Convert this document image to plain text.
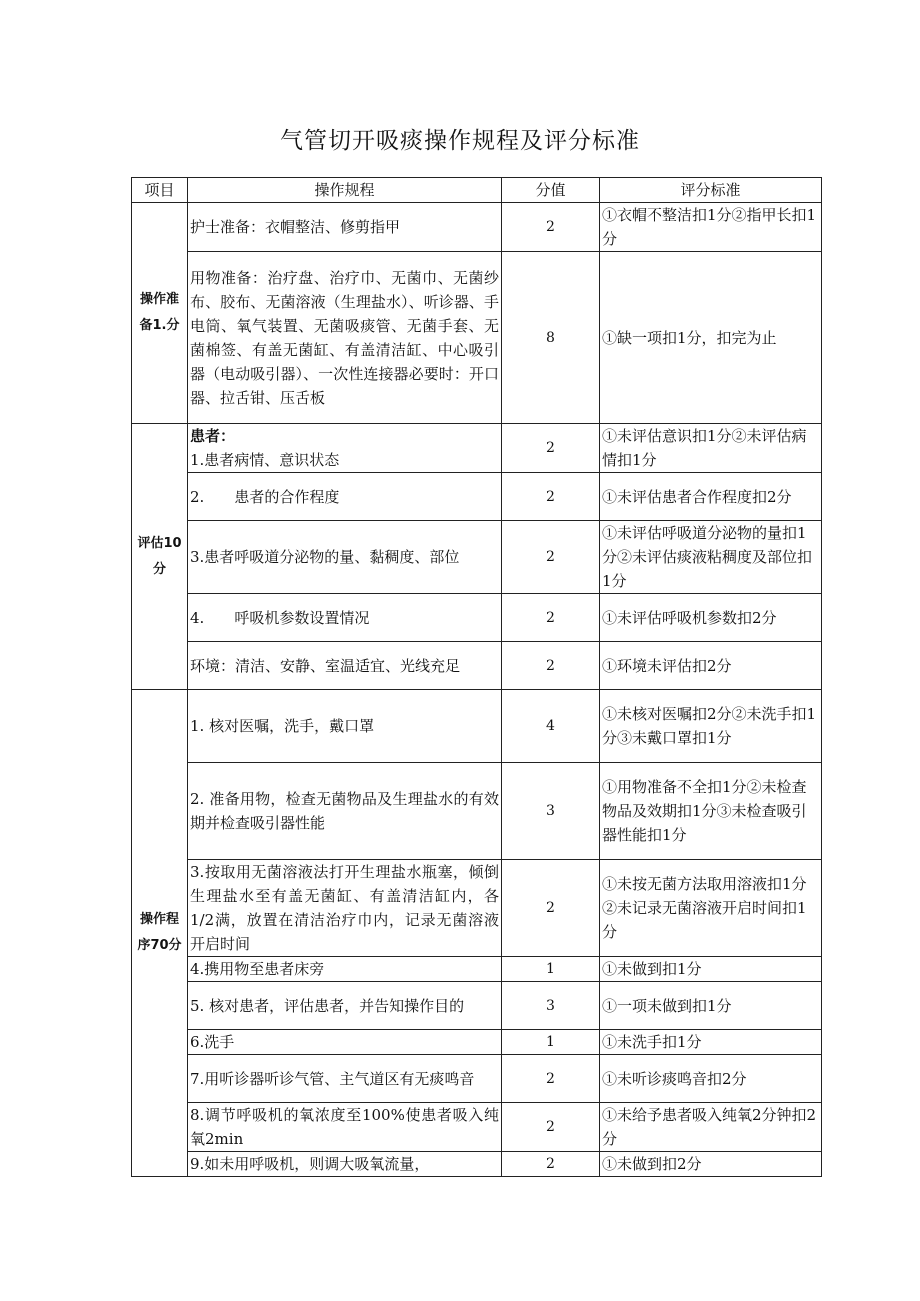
气管切开吸痰操作规程及评分标准
项目	操作规程	分值	评分标准
操作准备1.分	护士准备：衣帽整洁、修剪指甲	2	①衣帽不整洁扣1分②指甲长扣1分
	用物准备：治疗盘、治疗巾、无菌巾、无菌纱布、胶布、无菌溶液（生理盐水）、听诊器、手电筒、氧气装置、无菌吸痰管、无菌手套、无菌棉签、有盖无菌缸、有盖清洁缸、中心吸引器（电动吸引器）、一次性连接器必要时：开口器、拉舌钳、压舌板	8	①缺一项扣1分，扣完为止
评估10分	患者：
1.患者病情、意识状态	2	①未评估意识扣1分②未评估病情扣1分
	2. 患者的合作程度	2	①未评估患者合作程度扣2分
	3.患者呼吸道分泌物的量、黏稠度、部位	2	①未评估呼吸道分泌物的量扣1分②未评估痰液粘稠度及部位扣1分
	4. 呼吸机参数设置情况	2	①未评估呼吸机参数扣2分
	环境：清洁、安静、室温适宜、光线充足	2	①环境未评估扣2分
操作程序70分	1. 核对医嘱，洗手，戴口罩	4	①未核对医嘱扣2分②未洗手扣1分③未戴口罩扣1分
	2. 准备用物，检查无菌物品及生理盐水的有效期并检查吸引器性能	3	①用物准备不全扣1分②未检查物品及效期扣1分③未检查吸引器性能扣1分
	3.按取用无菌溶液法打开生理盐水瓶塞，倾倒生理盐水至有盖无菌缸、有盖清洁缸内，各1/2满，放置在清洁治疗巾内，记录无菌溶液开启时间	2	①未按无菌方法取用溶液扣1分
②未记录无菌溶液开启时间扣1分
	4.携用物至患者床旁	1	①未做到扣1分
	5. 核对患者，评估患者，并告知操作目的	3	①一项未做到扣1分
	6.洗手	1	①未洗手扣1分
	7.用听诊器听诊气管、主气道区有无痰鸣音	2	①未听诊痰鸣音扣2分
	8.调节呼吸机的氧浓度至100%使患者吸入纯氧2min	2	①未给予患者吸入纯氧2分钟扣2分
	9.如未用呼吸机，则调大吸氧流量，	2	①未做到扣2分
